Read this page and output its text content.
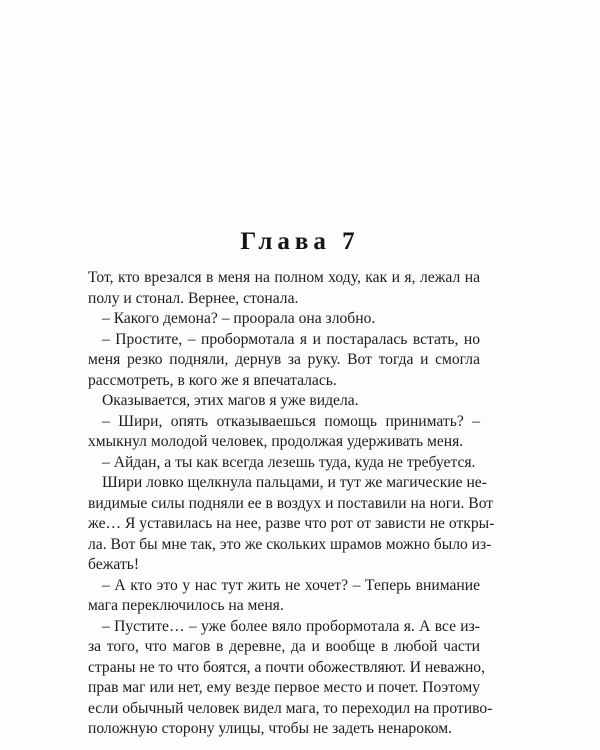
Глава 7
Тот, кто врезался в меня на полном ходу, как и я, лежал на
полу и стонал. Вернее, стонала.
– Какого демона? – проорала она злобно.
– Простите, – пробормотала я и постаралась встать, но
меня резко подняли, дернув за руку. Вот тогда и смогла
рассмотреть, в кого же я впечаталась.
Оказывается, этих магов я уже видела.
– Шири, опять отказываешься помощь принимать? –
хмыкнул молодой человек, продолжая удерживать меня.
– Айдан, а ты как всегда лезешь туда, куда не требуется.
Шири ловко щелкнула пальцами, и тут же магические не-
видимые силы подняли ее в воздух и поставили на ноги. Вот
же… Я уставилась на нее, разве что рот от зависти не откры-
ла. Вот бы мне так, это же скольких шрамов можно было из-
бежать!
– А кто это у нас тут жить не хочет? – Теперь внимание
мага переключилось на меня.
– Пустите… – уже более вяло пробормотала я. А все из-
за того, что магов в деревне, да и вообще в любой части
страны не то что боятся, а почти обожествляют. И неважно,
прав маг или нет, ему везде первое место и почет. Поэтому
если обычный человек видел мага, то переходил на противо-
положную сторону улицы, чтобы не задеть ненароком.
